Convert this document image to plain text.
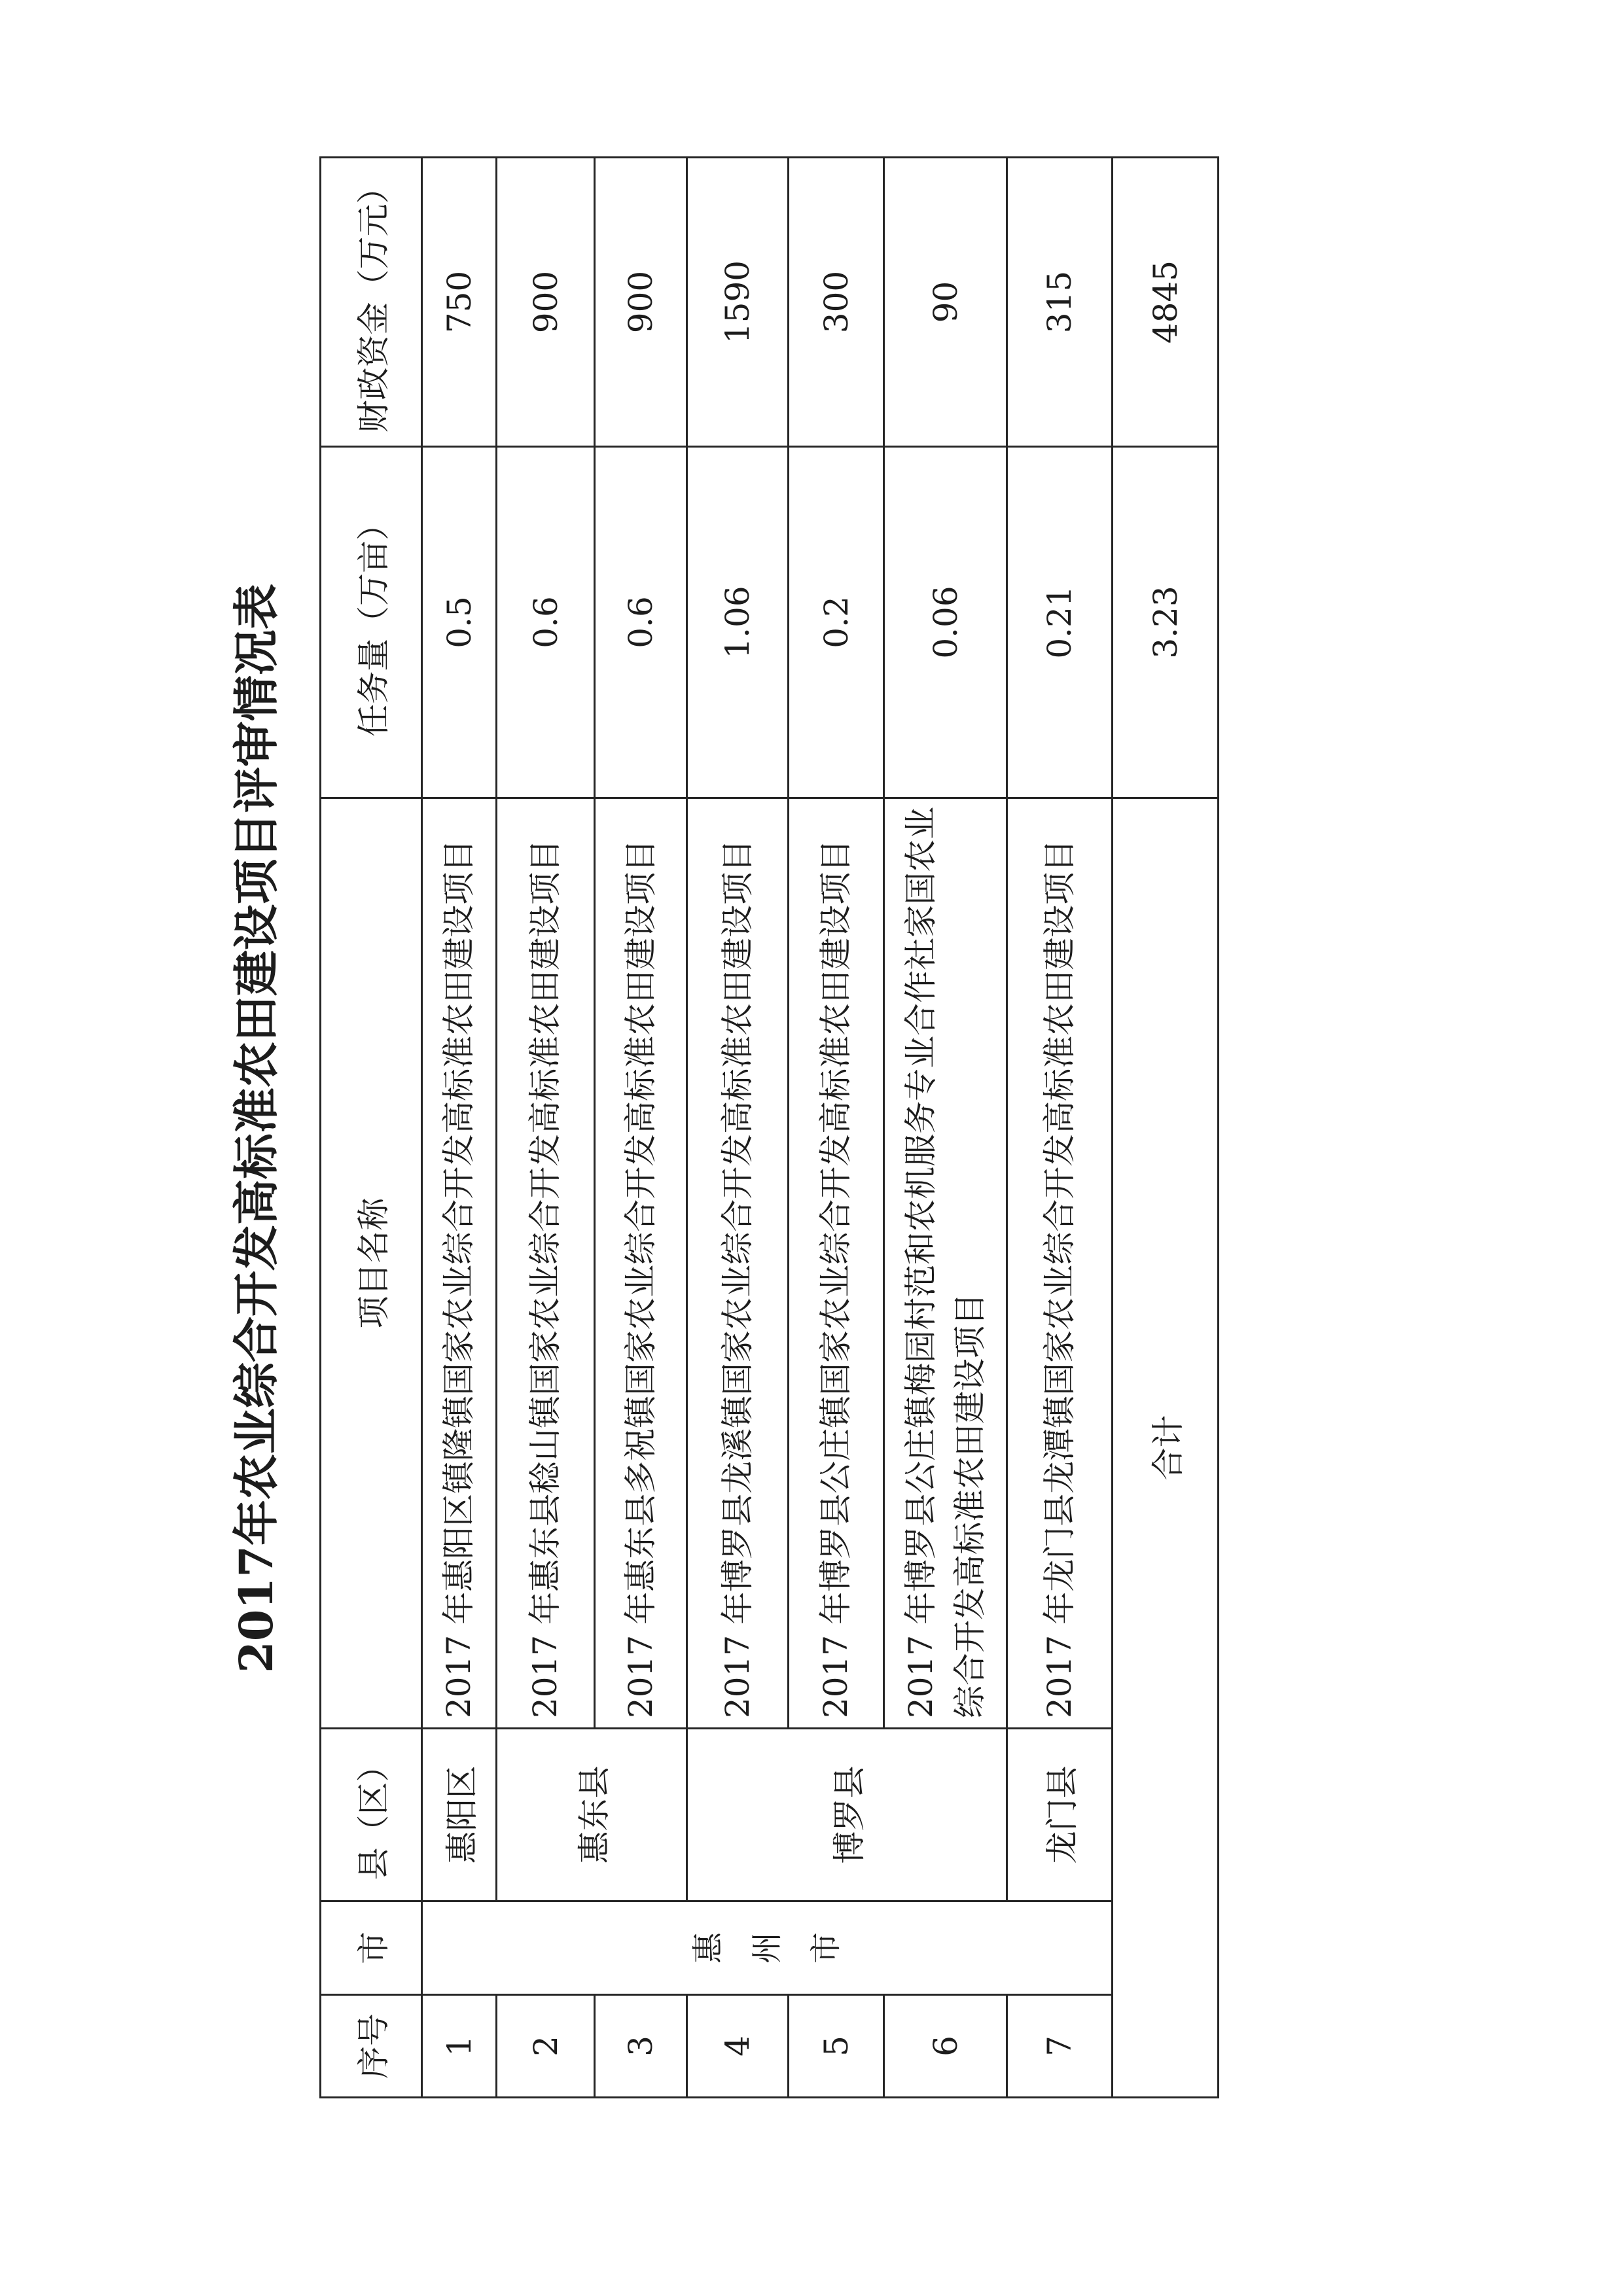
2017年农业综合开发高标准农田建设项目评审情况表
序号	市	县（区）	项目名称	任务量（万亩）	财政资金（万元）
1	惠州市	惠阳区	2017 年惠阳区镇隆镇国家农业综合开发高标准农田建设项目	0.5	750
2		惠东县	2017 年惠东县稔山镇国家农业综合开发高标准农田建设项目	0.6	900
3			2017 年惠东县多祝镇国家农业综合开发高标准农田建设项目	0.6	900
4		博罗县	2017 年博罗县龙溪镇国家农业综合开发高标准农田建设项目	1.06	1590
5			2017 年博罗县公庄镇国家农业综合开发高标准农田建设项目	0.2	300
6			2017 年博罗县公庄镇梅园村范和农机服务专业合作社家国农业 综合开发高标准农田建设项目	0.06	90
7		龙门县	2017 年龙门县龙潭镇国家农业综合开发高标准农田建设项目	0.21	315
合计				3.23	4845
